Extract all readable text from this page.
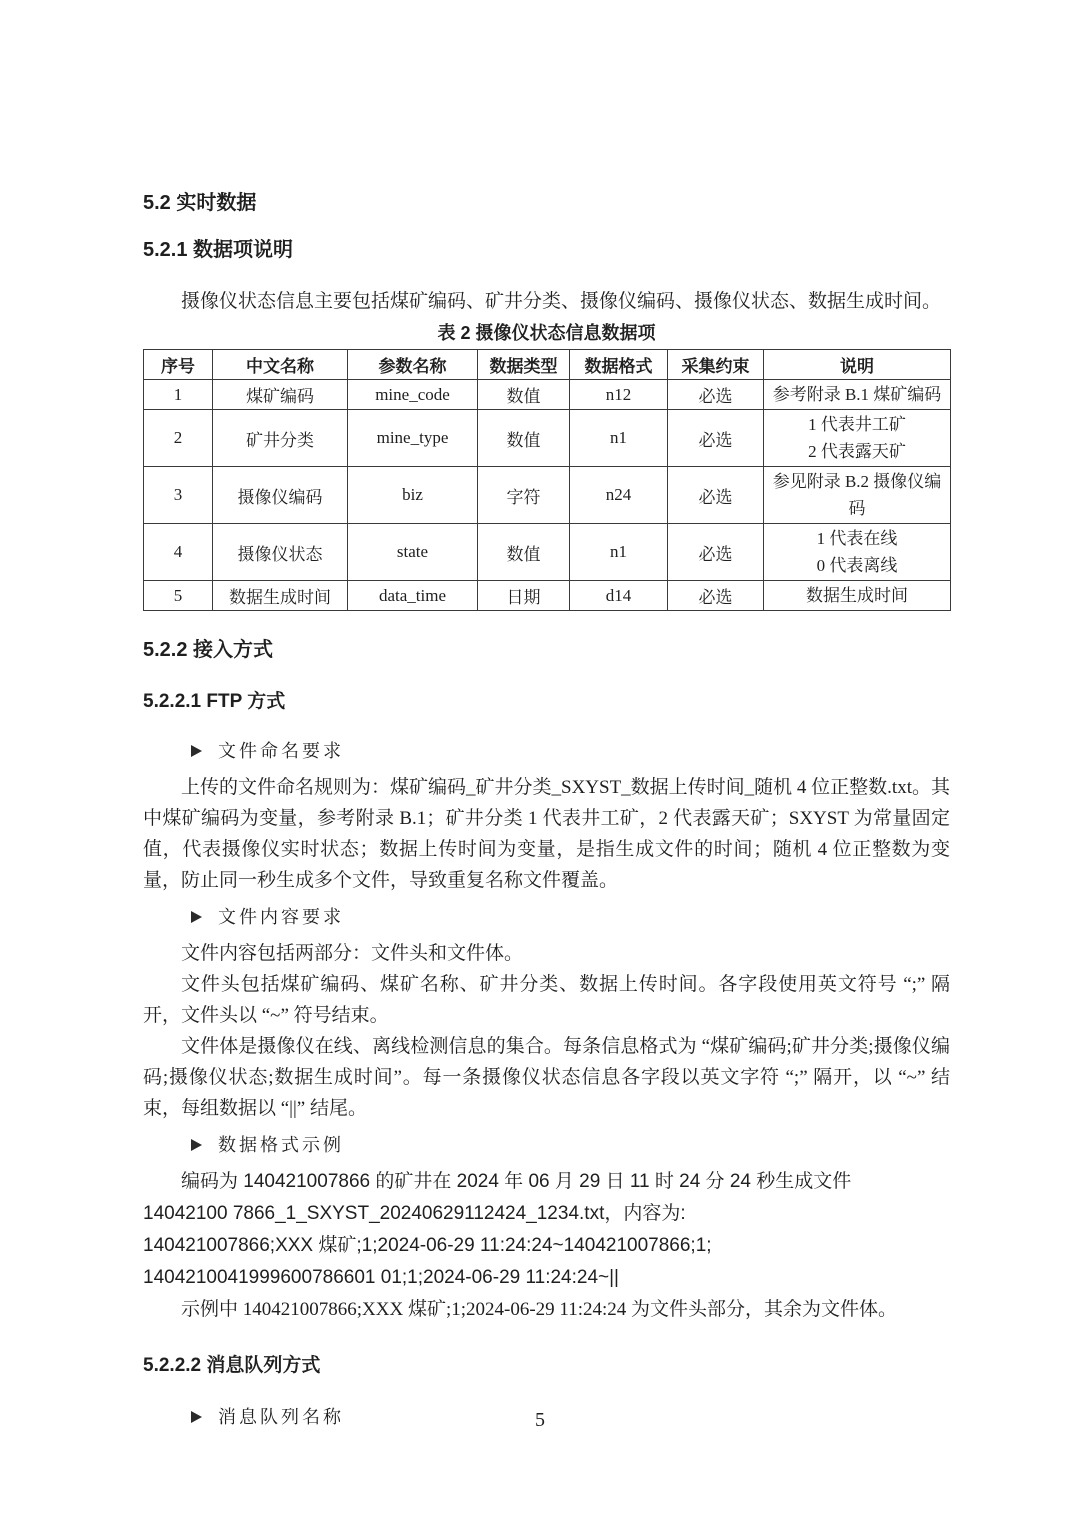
5.2 实时数据
5.2.1 数据项说明

摄像仪状态信息主要包括煤矿编码、矿井分类、摄像仪编码、摄像仪状态、数据生成时间。

表 2 摄像仪状态信息数据项
序号	中文名称	参数名称	数据类型	数据格式	采集约束	说明
1	煤矿编码	mine_code	数值	n12	必选	参考附录 B.1 煤矿编码

2	矿井分类	mine_type	数值	n1	必选	1 代表井工矿
2 代表露天矿

3	摄像仪编码	biz	字符	n24	必选	参见附录 B.2 摄像仪编码

4	摄像仪状态	state	数值	n1	必选	1 代表在线
0 代表离线

5	数据生成时间	data_time	日期	d14	必选	数据生成时间
5.2.2 接入方式
5.2.2.1 FTP 方式
文件命名要求

上传的文件命名规则为：煤矿编码_矿井分类_SXYST_数据上传时间_随机 4 位正整数.txt。其中煤矿编码为变量，参考附录 B.1；矿井分类 1 代表井工矿，2 代表露天矿；SXYST 为常量固定值，代表摄像仪实时状态；数据上传时间为变量，是指生成文件的时间；随机 4 位正整数为变量，防止同一秒生成多个文件，导致重复名称文件覆盖。

文件内容要求

文件内容包括两部分：文件头和文件体。

文件头包括煤矿编码、煤矿名称、矿井分类、数据上传时间。各字段使用英文符号 “;” 隔开，文件头以 “~” 符号结束。

文件体是摄像仪在线、离线检测信息的集合。每条信息格式为 “煤矿编码;矿井分类;摄像仪编码;摄像仪状态;数据生成时间”。每一条摄像仪状态信息各字段以英文字符 “;” 隔开，以 “~” 结束，每组数据以 “||” 结尾。

数据格式示例

编码为 140421007866 的矿井在 2024 年 06 月 29 日 11 时 24 分 24 秒生成文件

14042100 7866_1_SXYST_20240629112424_1234.txt，内容为:

140421007866;XXX 煤矿;1;2024-06-29 11:24:24~140421007866;1;

1404210041999600786601 01;1;2024-06-29 11:24:24~||

示例中 140421007866;XXX 煤矿;1;2024-06-29 11:24:24 为文件头部分，其余为文件体。

5.2.2.2 消息队列方式
消息队列名称	5
